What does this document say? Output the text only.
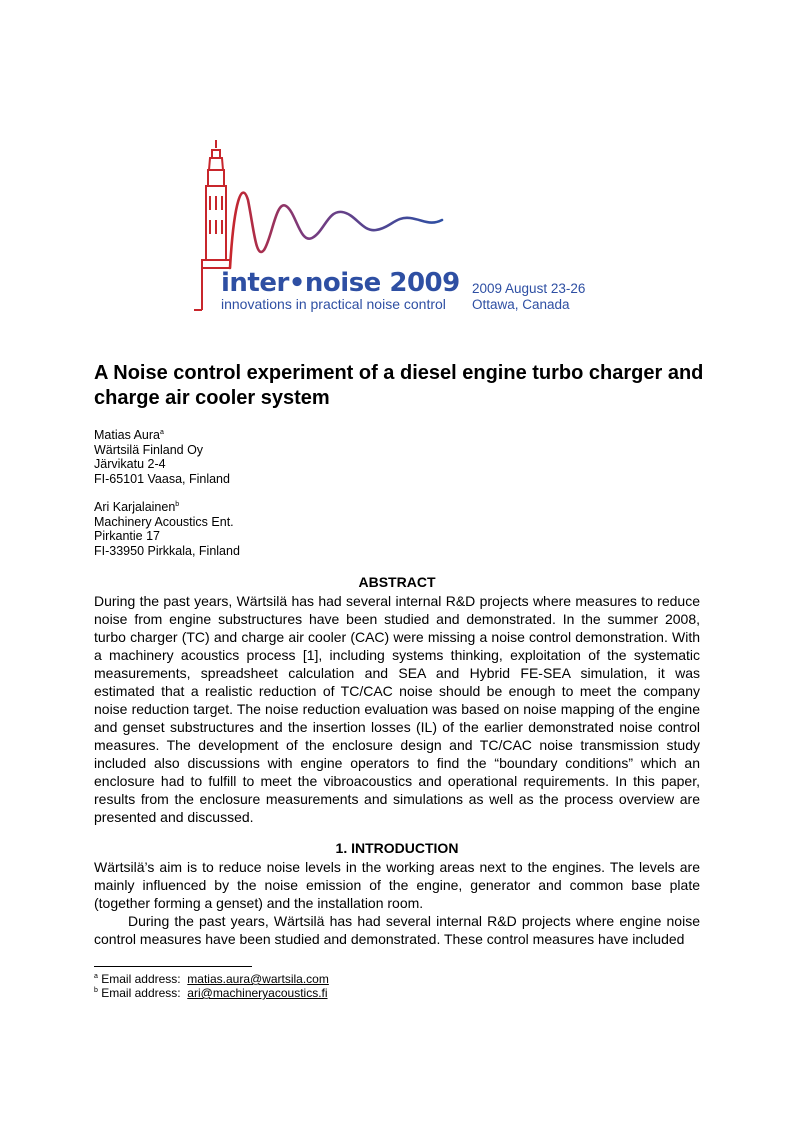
inter•noise 2009
innovations in practical noise control
2009 August 23-26
Ottawa, Canada
A Noise control experiment of a diesel engine turbo charger and charge air cooler system
Matias Aura$^a$
Wärtsilä Finland Oy
Järvikatu 2-4
FI-65101 Vaasa, Finland
Ari Karjalainen$^b$
Machinery Acoustics Ent.
Pirkantie 17
FI-33950 Pirkkala, Finland
ABSTRACT

During the past years, Wärtsilä has had several internal R&D projects where measures to reduce noise from engine substructures have been studied and demonstrated. In the summer 2008, turbo charger (TC) and charge air cooler (CAC) were missing a noise control demonstration. With a machinery acoustics process [1], including systems thinking, exploitation of the systematic measurements, spreadsheet calculation and SEA and Hybrid FE-SEA simulation, it was estimated that a realistic reduction of TC/CAC noise should be enough to meet the company noise reduction target. The noise reduction evaluation was based on noise mapping of the engine and genset substructures and the insertion losses (IL) of the earlier demonstrated noise control measures. The development of the enclosure design and TC/CAC noise transmission study included also discussions with engine operators to find the “boundary conditions” which an enclosure had to fulfill to meet the vibroacoustics and operational requirements. In this paper, results from the enclosure measurements and simulations as well as the process overview are presented and discussed.

1. INTRODUCTION

Wärtsilä’s aim is to reduce noise levels in the working areas next to the engines. The levels are mainly influenced by the noise emission of the engine, generator and common base plate (together forming a genset) and the installation room.

During the past years, Wärtsilä has had several internal R&D projects where engine noise control measures have been studied and demonstrated. These control measures have included

$^a$ Email address: matias.aura@wartsila.com
$^b$ Email address: ari@machineryacoustics.fi
